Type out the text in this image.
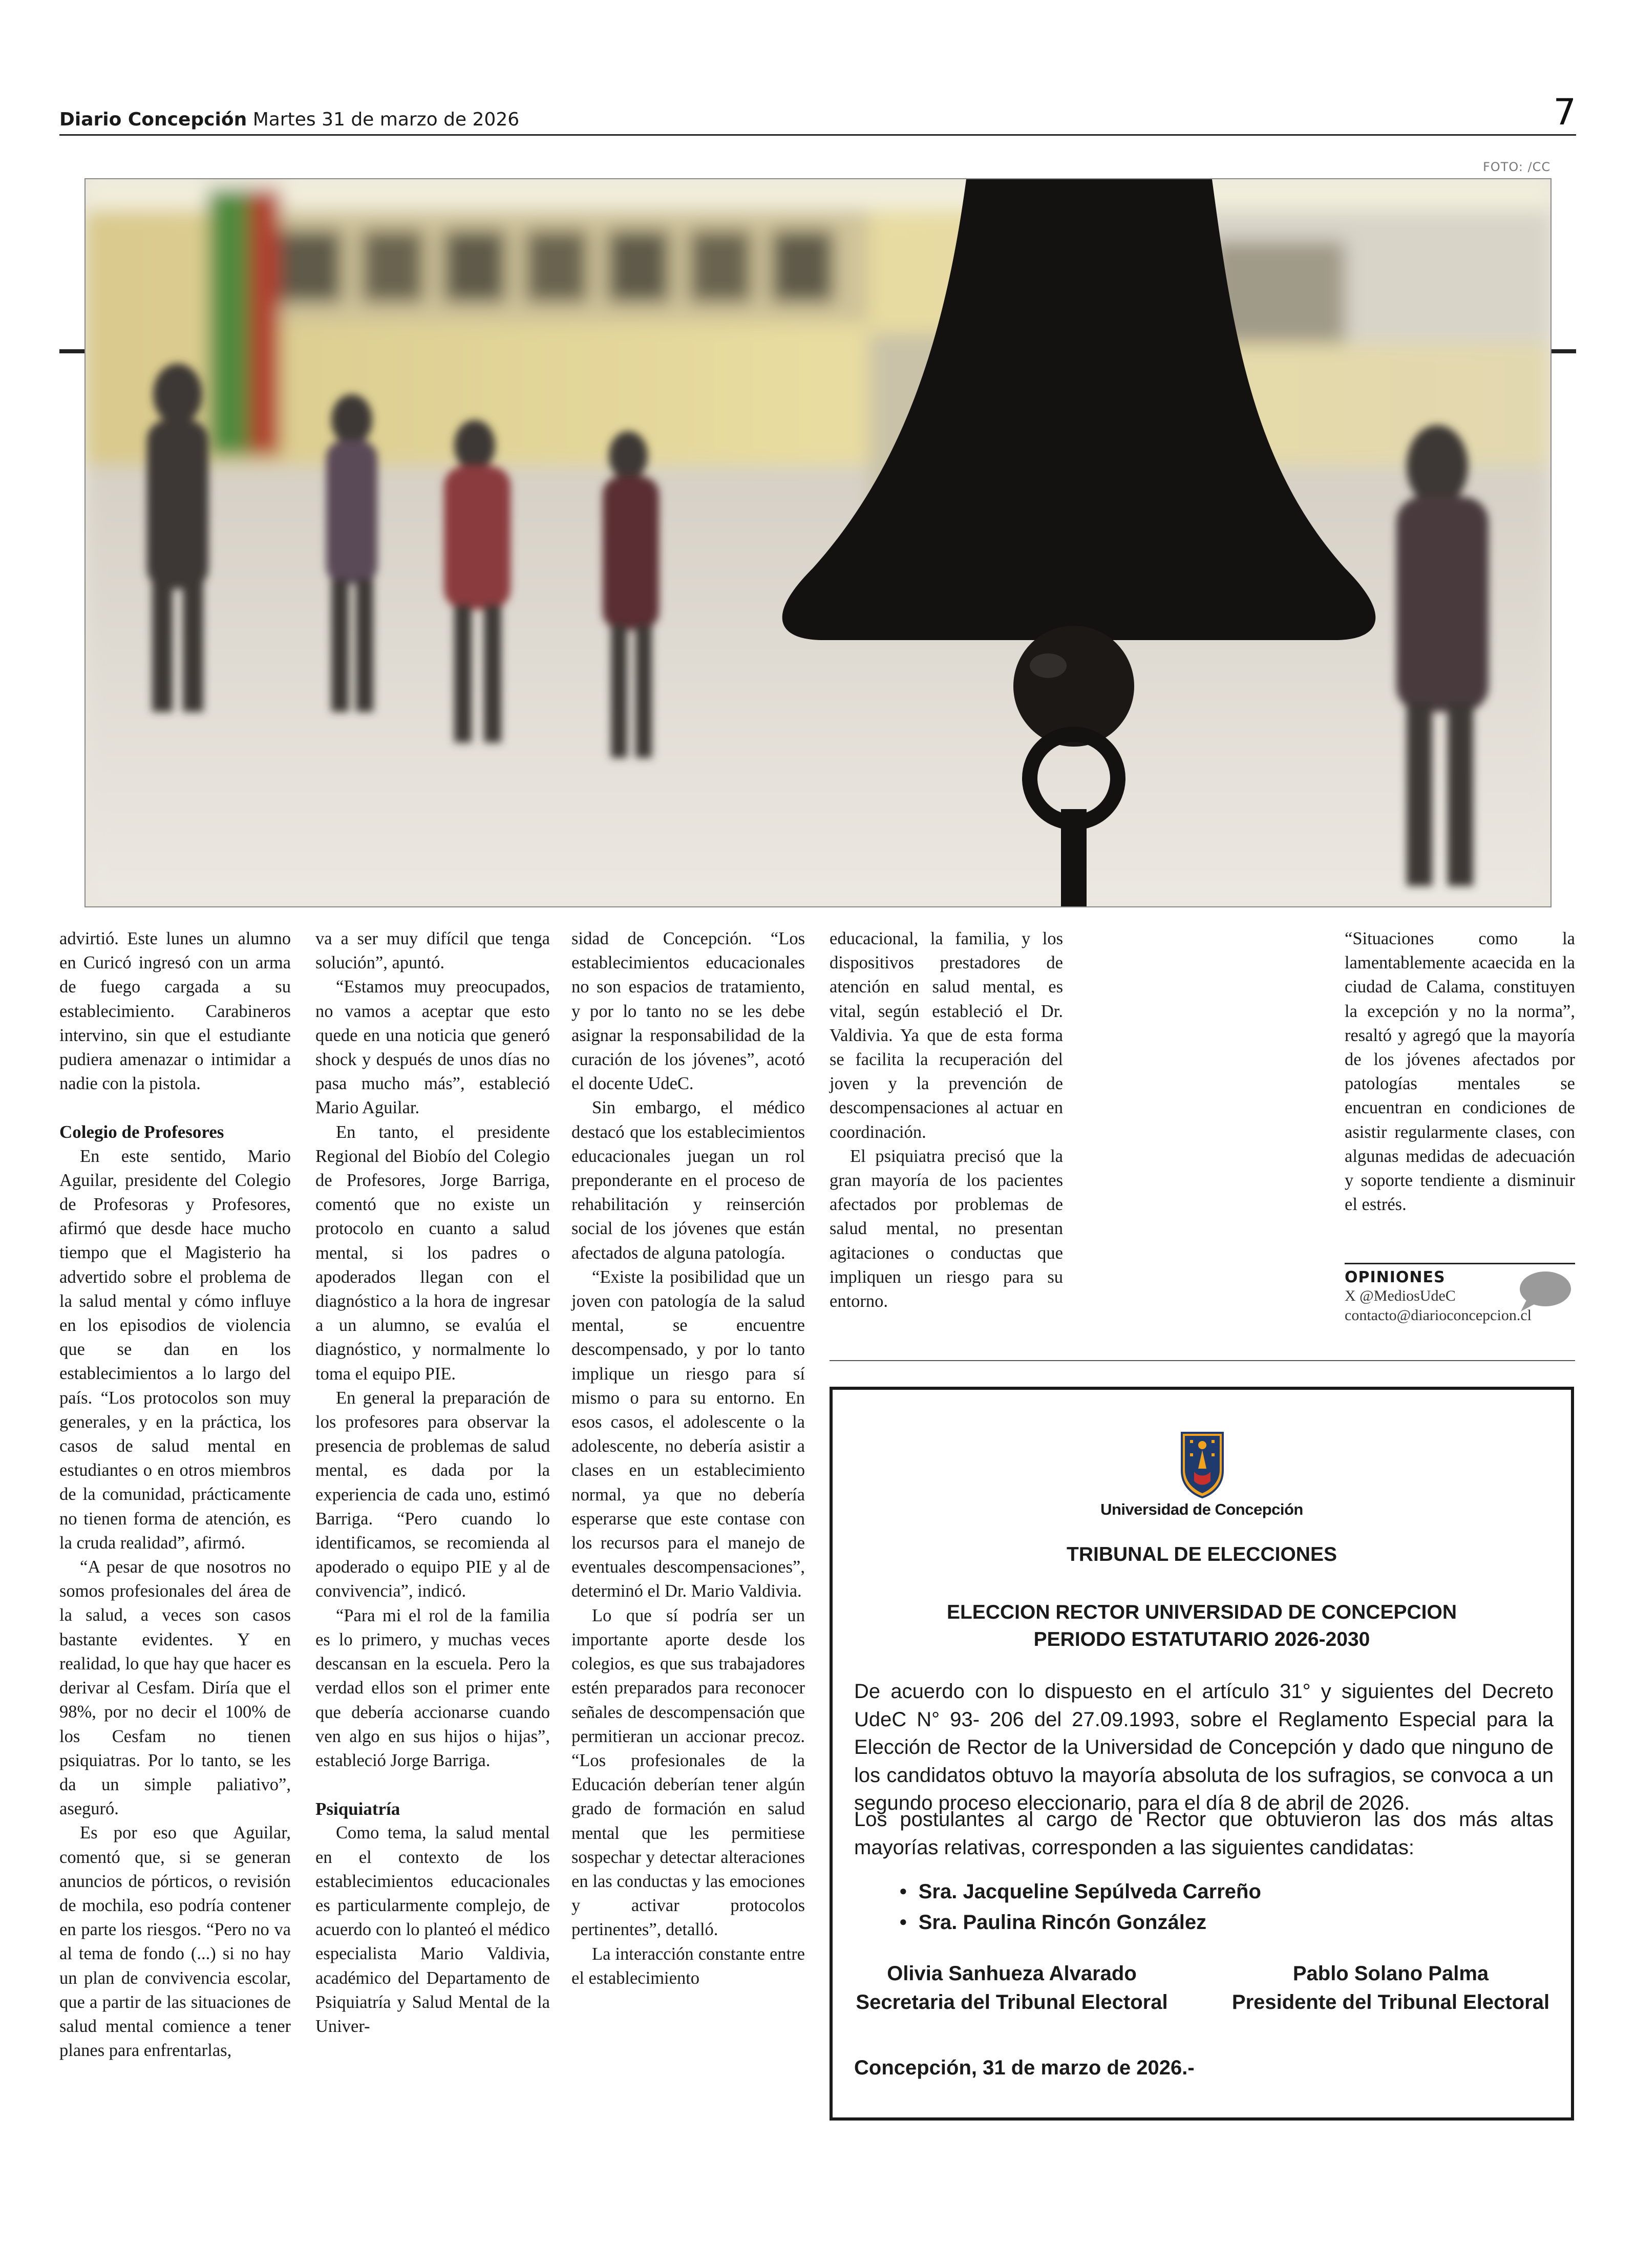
Diario Concepción Martes 31 de marzo de 2026	7
FOTO: /CC

advirtió. Este lunes un alumno en Curicó ingresó con un arma de fuego cargada a su establecimiento. Carabineros intervino, sin que el estudiante pudiera amenazar o intimidar a nadie con la pistola.

Colegio de Profesores

En este sentido, Mario Aguilar, presidente del Colegio de Profesoras y Profesores, afirmó que desde hace mucho tiempo que el Magisterio ha advertido sobre el problema de la salud mental y cómo influye en los episodios de violencia que se dan en los establecimientos a lo largo del país. “Los protocolos son muy generales, y en la práctica, los casos de salud mental en estudiantes o en otros miembros de la comunidad, prácticamente no tienen forma de atención, es la cruda realidad”, afirmó.

“A pesar de que nosotros no somos profesionales del área de la salud, a veces son casos bastante evidentes. Y en realidad, lo que hay que hacer es derivar al Cesfam. Diría que el 98%, por no decir el 100% de los Cesfam no tienen psiquiatras. Por lo tanto, se les da un simple paliativo”, aseguró.

Es por eso que Aguilar, comentó que, si se generan anuncios de pórticos, o revisión de mochila, eso podría contener en parte los riesgos. “Pero no va al tema de fondo (...) si no hay un plan de convivencia escolar, que a partir de las situaciones de salud mental comience a tener planes para enfrentarlas,

va a ser muy difícil que tenga solución”, apuntó.

“Estamos muy preocupados, no vamos a aceptar que esto quede en una noticia que generó shock y después de unos días no pasa mucho más”, estableció Mario Aguilar.

En tanto, el presidente Regional del Biobío del Colegio de Profesores, Jorge Barriga, comentó que no existe un protocolo en cuanto a salud mental, si los padres o apoderados llegan con el diagnóstico a la hora de ingresar a un alumno, se evalúa el diagnóstico, y normalmente lo toma el equipo PIE.

En general la preparación de los profesores para observar la presencia de problemas de salud mental, es dada por la experiencia de cada uno, estimó Barriga. “Pero cuando lo identificamos, se recomienda al apoderado o equipo PIE y al de convivencia”, indicó.

“Para mi el rol de la familia es lo primero, y muchas veces descansan en la escuela. Pero la verdad ellos son el primer ente que debería accionarse cuando ven algo en sus hijos o hijas”, estableció Jorge Barriga.

Psiquiatría

Como tema, la salud mental en el contexto de los establecimientos educacionales es particularmente complejo, de acuerdo con lo planteó el médico especialista Mario Valdivia, académico del Departamento de Psiquiatría y Salud Mental de la Univer-

sidad de Concepción. “Los establecimientos educacionales no son espacios de tratamiento, y por lo tanto no se les debe asignar la responsabilidad de la curación de los jóvenes”, acotó el docente UdeC.

Sin embargo, el médico destacó que los establecimientos educacionales juegan un rol preponderante en el proceso de rehabilitación y reinserción social de los jóvenes que están afectados de alguna patología.

“Existe la posibilidad que un joven con patología de la salud mental, se encuentre descompensado, y por lo tanto implique un riesgo para sí mismo o para su entorno. En esos casos, el adolescente o la adolescente, no debería asistir a clases en un establecimiento normal, ya que no debería esperarse que este contase con los recursos para el manejo de eventuales descompensaciones”, determinó el Dr. Mario Valdivia.

Lo que sí podría ser un importante aporte desde los colegios, es que sus trabajadores estén preparados para reconocer señales de descompensación que permitieran un accionar precoz. “Los profesionales de la Educación deberían tener algún grado de formación en salud mental que les permitiese sospechar y detectar alteraciones en las conductas y las emociones y activar protocolos pertinentes”, detalló.

La interacción constante entre el establecimiento

educacional, la familia, y los dispositivos prestadores de atención en salud mental, es vital, según estableció el Dr. Valdivia. Ya que de esta forma se facilita la recuperación del joven y la prevención de descompensaciones al actuar en coordinación.

El psiquiatra precisó que la gran mayoría de los pacientes afectados por problemas de salud mental, no presentan agitaciones o conductas que impliquen un riesgo para su entorno.

“Situaciones como la lamentablemente acaecida en la ciudad de Calama, constituyen la excepción y no la norma”, resaltó y agregó que la mayoría de los jóvenes afectados por patologías mentales se encuentran en condiciones de asistir regularmente clases, con algunas medidas de adecuación y soporte tendiente a disminuir el estrés.

OPINIONES
X @MediosUdeC
contacto@diarioconcepcion.cl
Universidad de Concepción
TRIBUNAL DE ELECCIONES
ELECCION RECTOR UNIVERSIDAD DE CONCEPCION
PERIODO ESTATUTARIO 2026-2030
De acuerdo con lo dispuesto en el artículo 31° y siguientes del Decreto UdeC N° 93- 206 del 27.09.1993, sobre el Reglamento Especial para la Elección de Rector de la Universidad de Concepción y dado que ninguno de los candidatos obtuvo la mayoría absoluta de los sufragios, se convoca a un segundo proceso eleccionario, para el día 8 de abril de 2026.
Los postulantes al cargo de Rector que obtuvieron las dos más altas mayorías relativas, corresponden a las siguientes candidatas:
● Sra. Jacqueline Sepúlveda Carreño
● Sra. Paulina Rincón González
Olivia Sanhueza Alvarado
Secretaria del Tribunal Electoral
Pablo Solano Palma
Presidente del Tribunal Electoral
Concepción, 31 de marzo de 2026.-
